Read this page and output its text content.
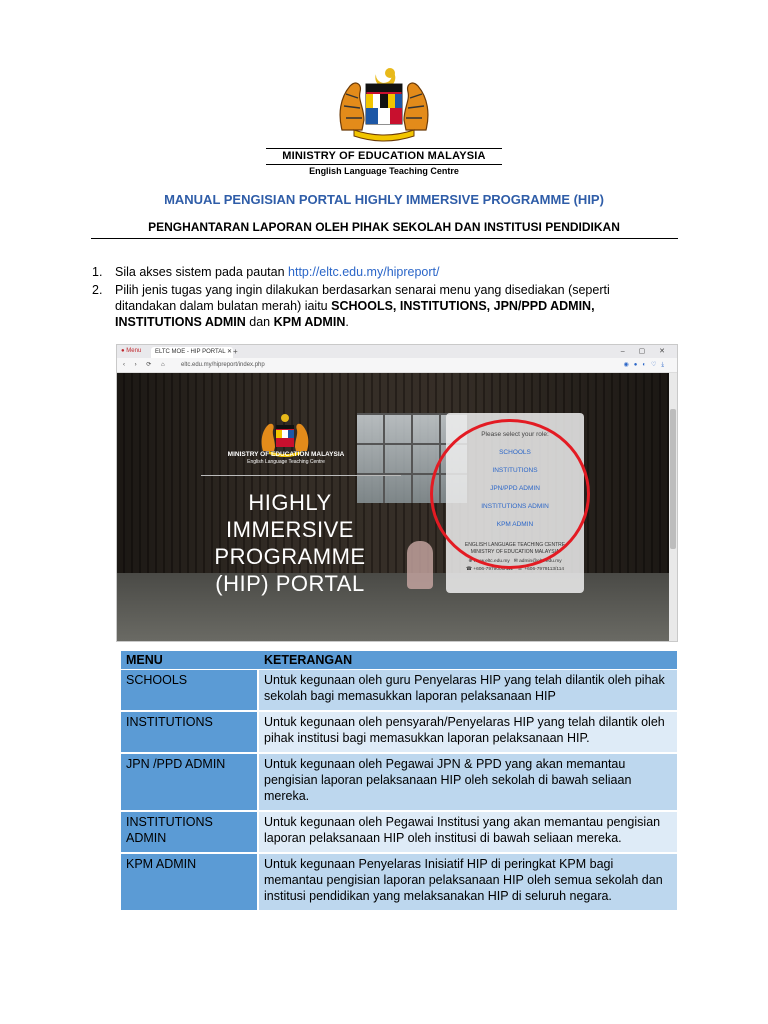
MINISTRY OF EDUCATION MALAYSIA
English Language Teaching Centre
MANUAL PENGISIAN PORTAL HIGHLY IMMERSIVE PROGRAMME (HIP)
PENGHANTARAN LAPORAN OLEH PIHAK SEKOLAH DAN INSTITUSI PENDIDIKAN
1. Sila akses sistem pada pautan http://eltc.edu.my/hipreport/
2. Pilih jenis tugas yang ingin dilakukan berdasarkan senarai menu yang disediakan (seperti ditandakan dalam bulatan merah) iaitu SCHOOLS, INSTITUTIONS, JPN/PPD ADMIN, INSTITUTIONS ADMIN dan KPM ADMIN.
● Menu	ELTC MOE - HIP PORTAL ✕ +	– ▢ ✕
‹ › ⟳ ⌂ eltc.edu.my/hipreport/index.php	◉●◐♡⤓
MINISTRY OF EDUCATION MALAYSIA
English Language Teaching Centre
HIGHLY IMMERSIVE PROGRAMME (HIP) PORTAL
Please select your role:
SCHOOLS
INSTITUTIONS
JPN/PPD ADMIN
INSTITUTIONS ADMIN
KPM ADMIN
ENGLISH LANGUAGE TEACHING CENTRE
MINISTRY OF EDUCATION MALAYSIA
⊕ www.eltc.edu.my ✉ admin@eltc.edu.my
☎ +606-7979000/111 ☏ +606-7979113/114
MENU	KETERANGAN
SCHOOLS	Untuk kegunaan oleh guru Penyelaras HIP yang telah dilantik oleh pihak sekolah bagi memasukkan laporan pelaksanaan HIP
INSTITUTIONS	Untuk kegunaan oleh pensyarah/Penyelaras HIP yang telah dilantik oleh pihak institusi bagi memasukkan laporan pelaksanaan HIP.
JPN /PPD ADMIN	Untuk kegunaan oleh Pegawai JPN & PPD yang akan memantau pengisian laporan pelaksanaan HIP oleh sekolah di bawah seliaan mereka.
INSTITUTIONS ADMIN	Untuk kegunaan oleh Pegawai Institusi yang akan memantau pengisian laporan pelaksanaan HIP oleh institusi di bawah seliaan mereka.
KPM ADMIN	Untuk kegunaan Penyelaras Inisiatif HIP di peringkat KPM bagi memantau pengisian laporan pelaksanaan HIP oleh semua sekolah dan institusi pendidikan yang melaksanakan HIP di seluruh negara.
